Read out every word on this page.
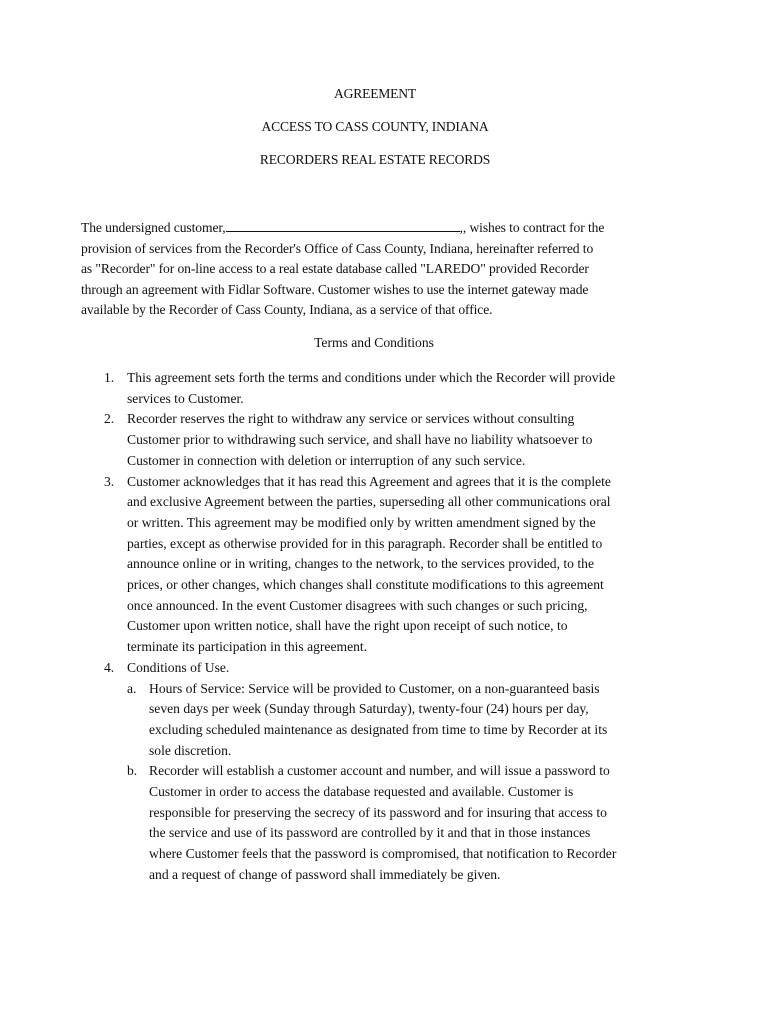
AGREEMENT
ACCESS TO CASS COUNTY, INDIANA
RECORDERS REAL ESTATE RECORDS
The undersigned customer,	,, wishes to contract for the
provision of services from the Recorder's Office of Cass County, Indiana, hereinafter referred to
as "Recorder" for on-line access to a real estate database called "LAREDO" provided Recorder
through an agreement with Fidlar Software. Customer wishes to use the internet gateway made
available by the Recorder of Cass County, Indiana, as a service of that office.
Terms and Conditions
1. This agreement sets forth the terms and conditions under which the Recorder will provide
services to Customer.
2. Recorder reserves the right to withdraw any service or services without consulting
Customer prior to withdrawing such service, and shall have no liability whatsoever to
Customer in connection with deletion or interruption of any such service.
3. Customer acknowledges that it has read this Agreement and agrees that it is the complete
and exclusive Agreement between the parties, superseding all other communications oral
or written. This agreement may be modified only by written amendment signed by the
parties, except as otherwise provided for in this paragraph. Recorder shall be entitled to
announce online or in writing, changes to the network, to the services provided, to the
prices, or other changes, which changes shall constitute modifications to this agreement
once announced. In the event Customer disagrees with such changes or such pricing,
Customer upon written notice, shall have the right upon receipt of such notice, to
terminate its participation in this agreement.
4. Conditions of Use.
a. Hours of Service: Service will be provided to Customer, on a non-guaranteed basis
seven days per week (Sunday through Saturday), twenty-four (24) hours per day,
excluding scheduled maintenance as designated from time to time by Recorder at its
sole discretion.
b. Recorder will establish a customer account and number, and will issue a password to
Customer in order to access the database requested and available. Customer is
responsible for preserving the secrecy of its password and for insuring that access to
the service and use of its password are controlled by it and that in those instances
where Customer feels that the password is compromised, that notification to Recorder
and a request of change of password shall immediately be given.
